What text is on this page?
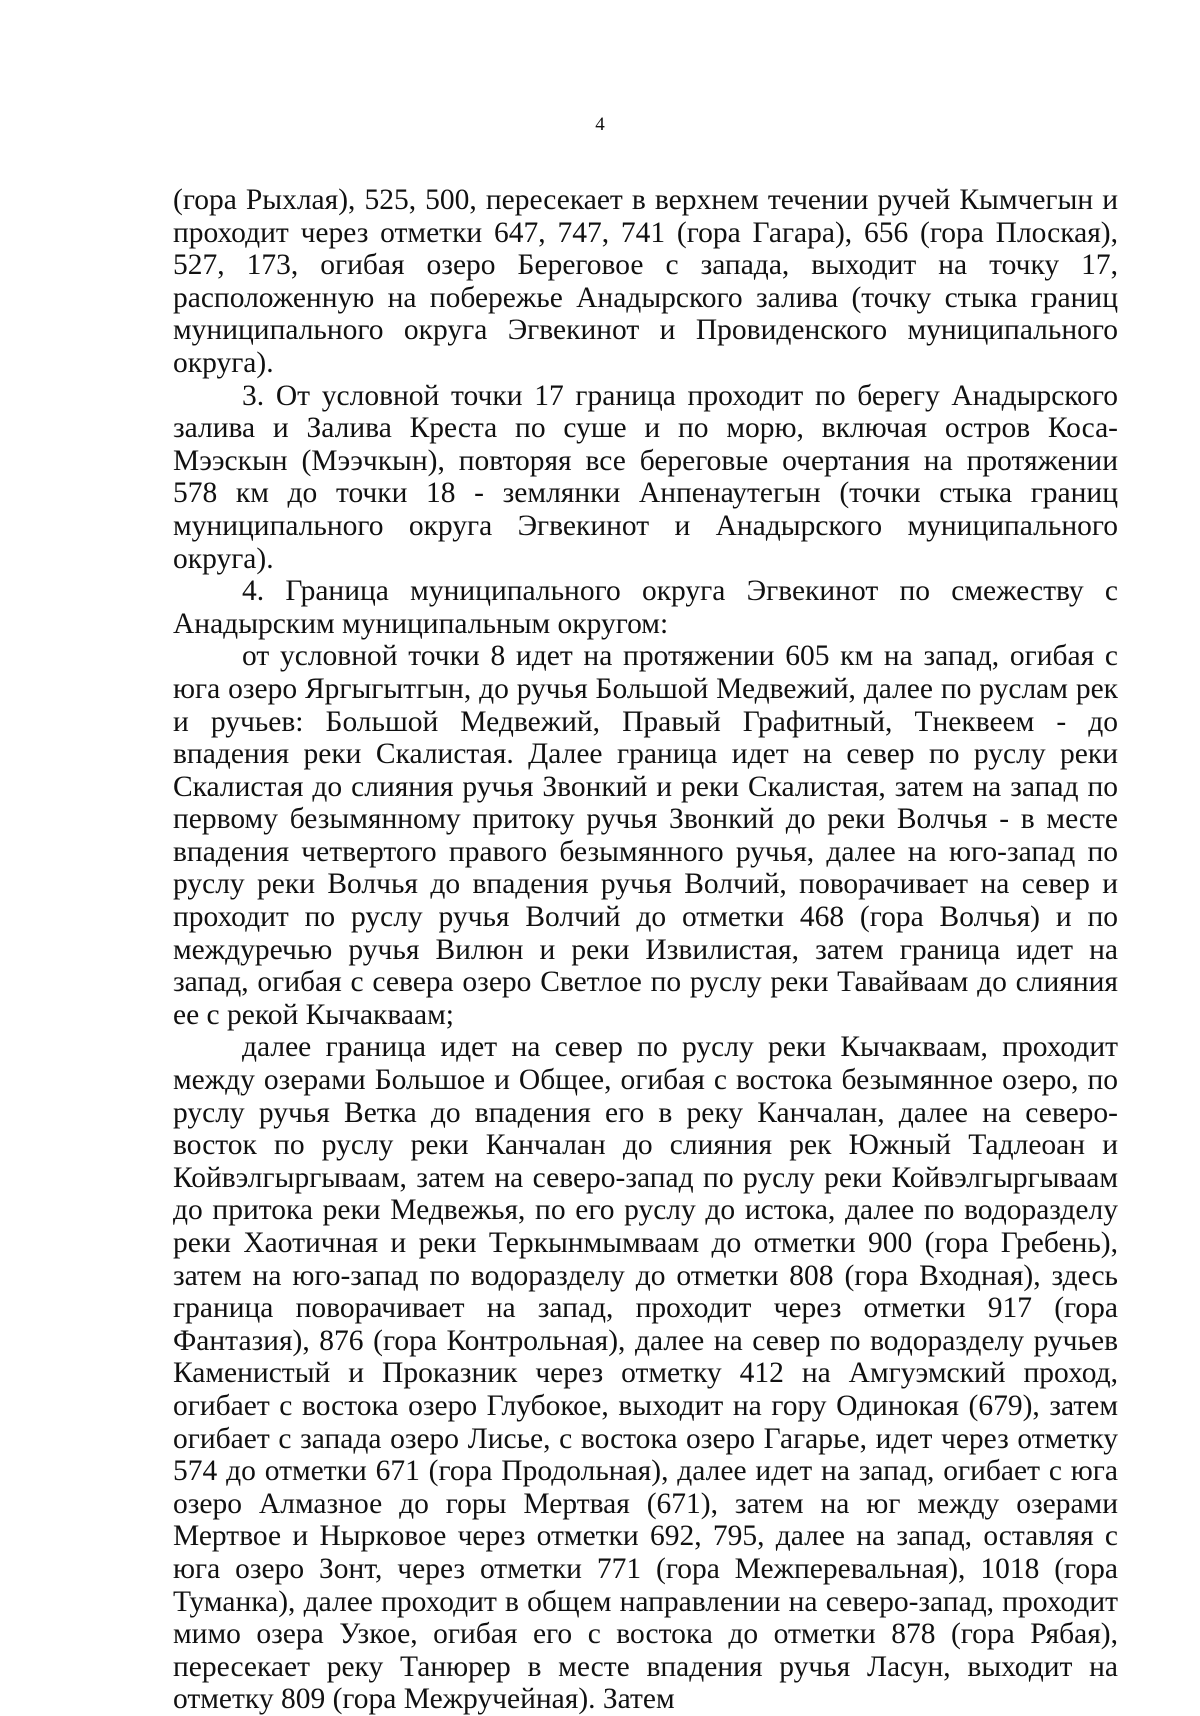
4

(гора Рыхлая), 525, 500, пересекает в верхнем течении ручей Кымчегын и проходит через отметки 647, 747, 741 (гора Гагара), 656 (гора Плоская), 527, 173, огибая озеро Береговое с запада, выходит на точку 17, расположенную на побережье Анадырского залива (точку стыка границ муниципального округа Эгвекинот и Провиденского муниципального округа).

3. От условной точки 17 граница проходит по берегу Анадырского залива и Залива Креста по суше и по морю, включая остров Коса-Мээскын (Мээчкын), повторяя все береговые очертания на протяжении 578 км до точки 18 - землянки Анпенаутегын (точки стыка границ муниципального округа Эгвекинот и Анадырского муниципального округа).

4. Граница муниципального округа Эгвекинот по смежеству с Анадырским муниципальным округом:

от условной точки 8 идет на протяжении 605 км на запад, огибая с юга озеро Яргыгытгын, до ручья Большой Медвежий, далее по руслам рек и ручьев: Большой Медвежий, Правый Графитный, Тнеквеем - до впадения реки Скалистая. Далее граница идет на север по руслу реки Скалистая до слияния ручья Звонкий и реки Скалистая, затем на запад по первому безымянному притоку ручья Звонкий до реки Волчья - в месте впадения четвертого правого безымянного ручья, далее на юго-запад по руслу реки Волчья до впадения ручья Волчий, поворачивает на север и проходит по руслу ручья Волчий до отметки 468 (гора Волчья) и по междуречью ручья Вилюн и реки Извилистая, затем граница идет на запад, огибая с севера озеро Светлое по руслу реки Тавайваам до слияния ее с рекой Кычакваам;

далее граница идет на север по руслу реки Кычакваам, проходит между озерами Большое и Общее, огибая с востока безымянное озеро, по руслу ручья Ветка до впадения его в реку Канчалан, далее на северо-восток по руслу реки Канчалан до слияния рек Южный Тадлеоан и Койвэлгыргываам, затем на северо-запад по руслу реки Койвэлгыргываам до притока реки Медвежья, по его руслу до истока, далее по водоразделу реки Хаотичная и реки Теркынмымваам до отметки 900 (гора Гребень), затем на юго-запад по водоразделу до отметки 808 (гора Входная), здесь граница поворачивает на запад, проходит через отметки 917 (гора Фантазия), 876 (гора Контрольная), далее на север по водоразделу ручьев Каменистый и Проказник через отметку 412 на Амгуэмский проход, огибает с востока озеро Глубокое, выходит на гору Одинокая (679), затем огибает с запада озеро Лисье, с востока озеро Гагарье, идет через отметку 574 до отметки 671 (гора Продольная), далее идет на запад, огибает с юга озеро Алмазное до горы Мертвая (671), затем на юг между озерами Мертвое и Ныркoвое через отметки 692, 795, далее на запад, оставляя с юга озеро Зонт, через отметки 771 (гора Межперевальная), 1018 (гора Туманка), далее проходит в общем направлении на северо-запад, проходит мимо озера Узкое, огибая его с востока до отметки 878 (гора Рябая), пересекает реку Танюрер в месте впадения ручья Ласун, выходит на отметку 809 (гора Межручейная). Затем
